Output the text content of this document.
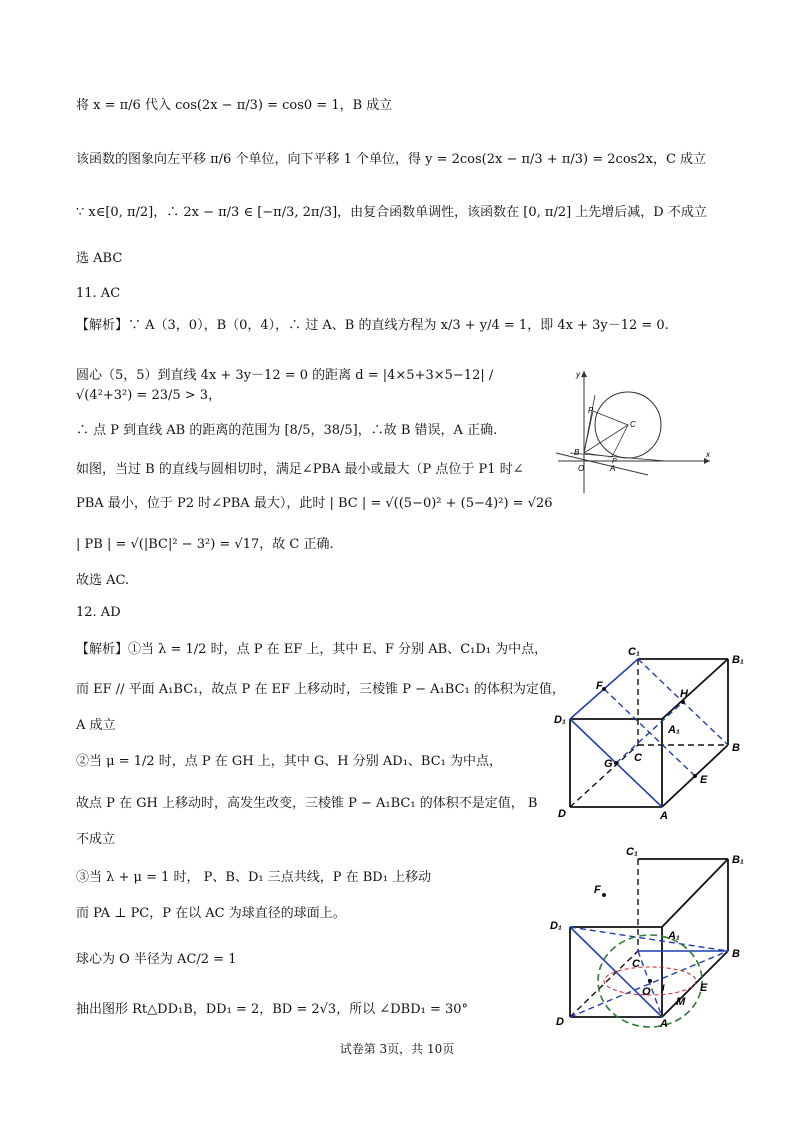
将 x = π/6 代入 cos(2x − π/3) = cos0 = 1，B 成立
该函数的图象向左平移 π/6 个单位，向下平移 1 个单位，得 y = 2cos(2x − π/3 + π/3) = 2cos2x，C 成立
∵ x∈[0, π/2]，∴ 2x − π/3 ∈ [−π/3, 2π/3]，由复合函数单调性，该函数在 [0, π/2] 上先增后减，D 不成立
选 ABC
11. AC
【解析】∵ A（3，0），B（0，4），∴ 过 A、B 的直线方程为 x/3 + y/4 = 1，即 4x + 3y－12 = 0.
圆心（5，5）到直线 4x + 3y－12 = 0 的距离 d = |4×5+3×5−12| / √(4²+3²) = 23/5 > 3，
∴ 点 P 到直线 AB 的距离的范围为 [8/5，38/5]，∴故 B 错误，A 正确.
如图，当过 B 的直线与圆相切时，满足∠PBA 最小或最大（P 点位于 P1 时∠
PBA 最小，位于 P2 时∠PBA 最大），此时 | BC | = √((5−0)² + (5−4)²) = √26
| PB | = √(|BC|² − 3²) = √17，故 C 正确.
故选 AC.
12. AD
【解析】①当 λ = 1/2 时，点 P 在 EF 上，其中 E、F 分别 AB、C₁D₁ 为中点，
而 EF // 平面 A₁BC₁，故点 P 在 EF 上移动时，三棱锥 P − A₁BC₁ 的体积为定值，
A 成立
②当 μ = 1/2 时，点 P 在 GH 上，其中 G、H 分别 AD₁、BC₁ 为中点，
故点 P 在 GH 上移动时，高发生改变，三棱锥 P − A₁BC₁ 的体积不是定值， B
不成立
③当 λ + μ = 1 时， P、B、D₁ 三点共线，P 在 BD₁ 上移动
而 PA ⊥ PC，P 在以 AC 为球直径的球面上。
球心为 O 半径为 AC/2 = 1
抽出图形 Rt△DD₁B，DD₁ = 2，BD = 2√3，所以 ∠DBD₁ = 30°
y
x
P
C
B
O	A
P
C₁
B₁
F
H
D₁
A₁
C
B
G
E
D	A
C₁
B₁
F
D₁
A₁
C
B
O I	E
M
D	A
试卷第 3页，共 10页
